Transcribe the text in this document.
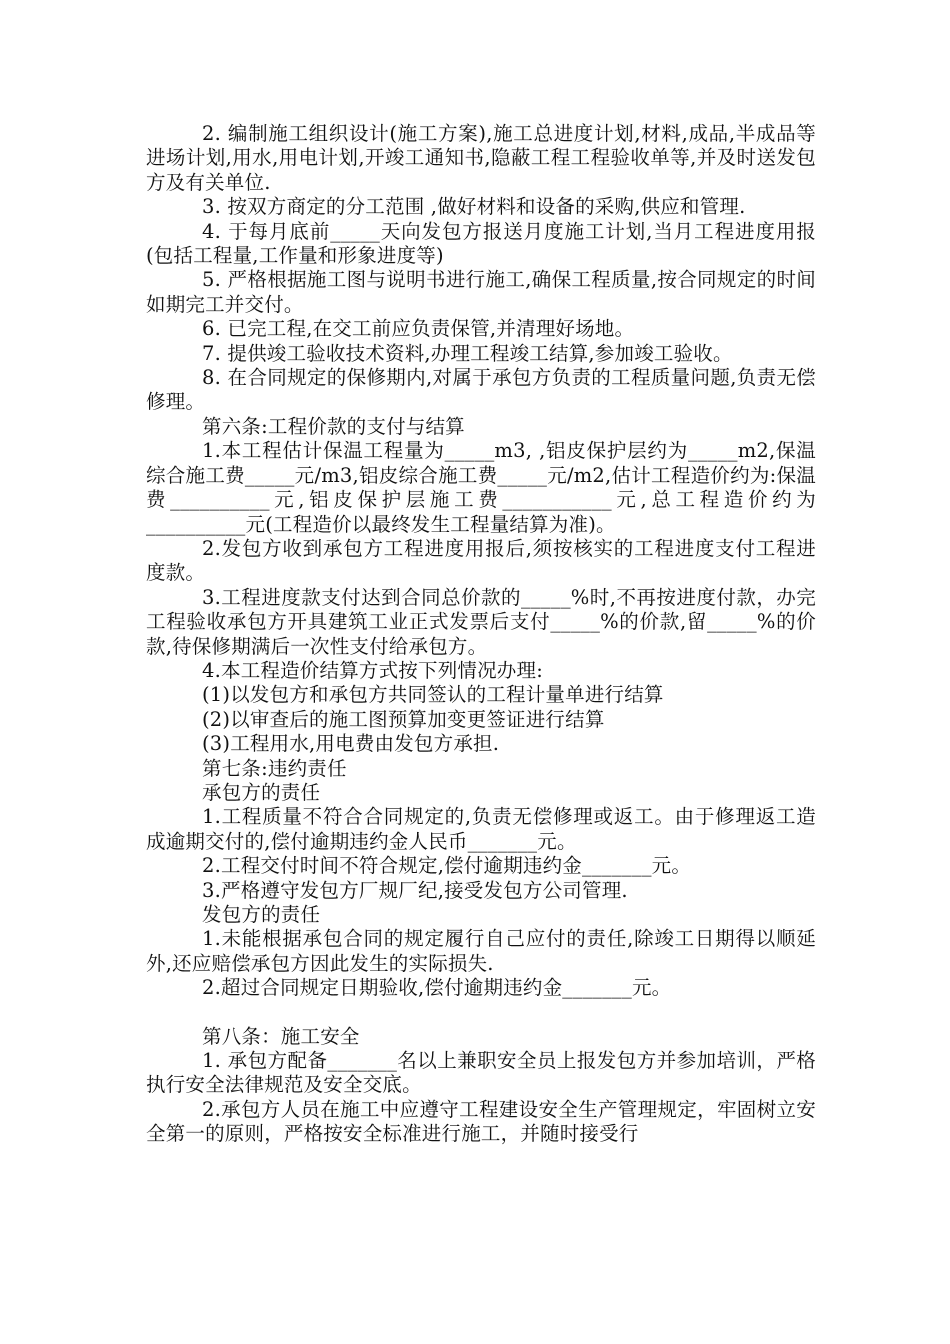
2. 编制施工组织设计(施工方案),施工总进度计划,材料,成品,半成品等进场计划,用水,用电计划,开竣工通知书,隐蔽工程工程验收单等,并及时送发包方及有关单位.

3. 按双方商定的分工范围 ,做好材料和设备的采购,供应和管理.

4. 于每月底前_____天向发包方报送月度施工计划,当月工程进度用报(包括工程量,工作量和形象进度等)

5. 严格根据施工图与说明书进行施工,确保工程质量,按合同规定的时间如期完工并交付。

6. 已完工程,在交工前应负责保管,并清理好场地。

7. 提供竣工验收技术资料,办理工程竣工结算,参加竣工验收。

8. 在合同规定的保修期内,对属于承包方负责的工程质量问题,负责无偿修理。

第六条:工程价款的支付与结算

1.本工程估计保温工程量为_____m3, ,铝皮保护层约为_____m2,保温综合施工费_____元/m3,铝皮综合施工费_____元/m2,估计工程造价约为:保温费__________元,铝皮保护层施工费___________元,总工程造价约为__________元(工程造价以最终发生工程量结算为准)。

2.发包方收到承包方工程进度用报后,须按核实的工程进度支付工程进度款。

3.工程进度款支付达到合同总价款的_____%时,不再按进度付款，办完工程验收承包方开具建筑工业正式发票后支付_____%的价款,留_____%的价款,待保修期满后一次性支付给承包方。

4.本工程造价结算方式按下列情况办理:

(1)以发包方和承包方共同签认的工程计量单进行结算

(2)以审查后的施工图预算加变更签证进行结算

(3)工程用水,用电费由发包方承担.

第七条:违约责任

承包方的责任

1.工程质量不符合合同规定的,负责无偿修理或返工。由于修理返工造成逾期交付的,偿付逾期违约金人民币_______元。

2.工程交付时间不符合规定,偿付逾期违约金_______元。

3.严格遵守发包方厂规厂纪,接受发包方公司管理.

发包方的责任

1.未能根据承包合同的规定履行自己应付的责任,除竣工日期得以顺延外,还应赔偿承包方因此发生的实际损失.

2.超过合同规定日期验收,偿付逾期违约金_______元。

第八条：施工安全

1. 承包方配备_______名以上兼职安全员上报发包方并参加培训，严格执行安全法律规范及安全交底。

2.承包方人员在施工中应遵守工程建设安全生产管理规定，牢固树立安全第一的原则，严格按安全标准进行施工，并随时接受行
